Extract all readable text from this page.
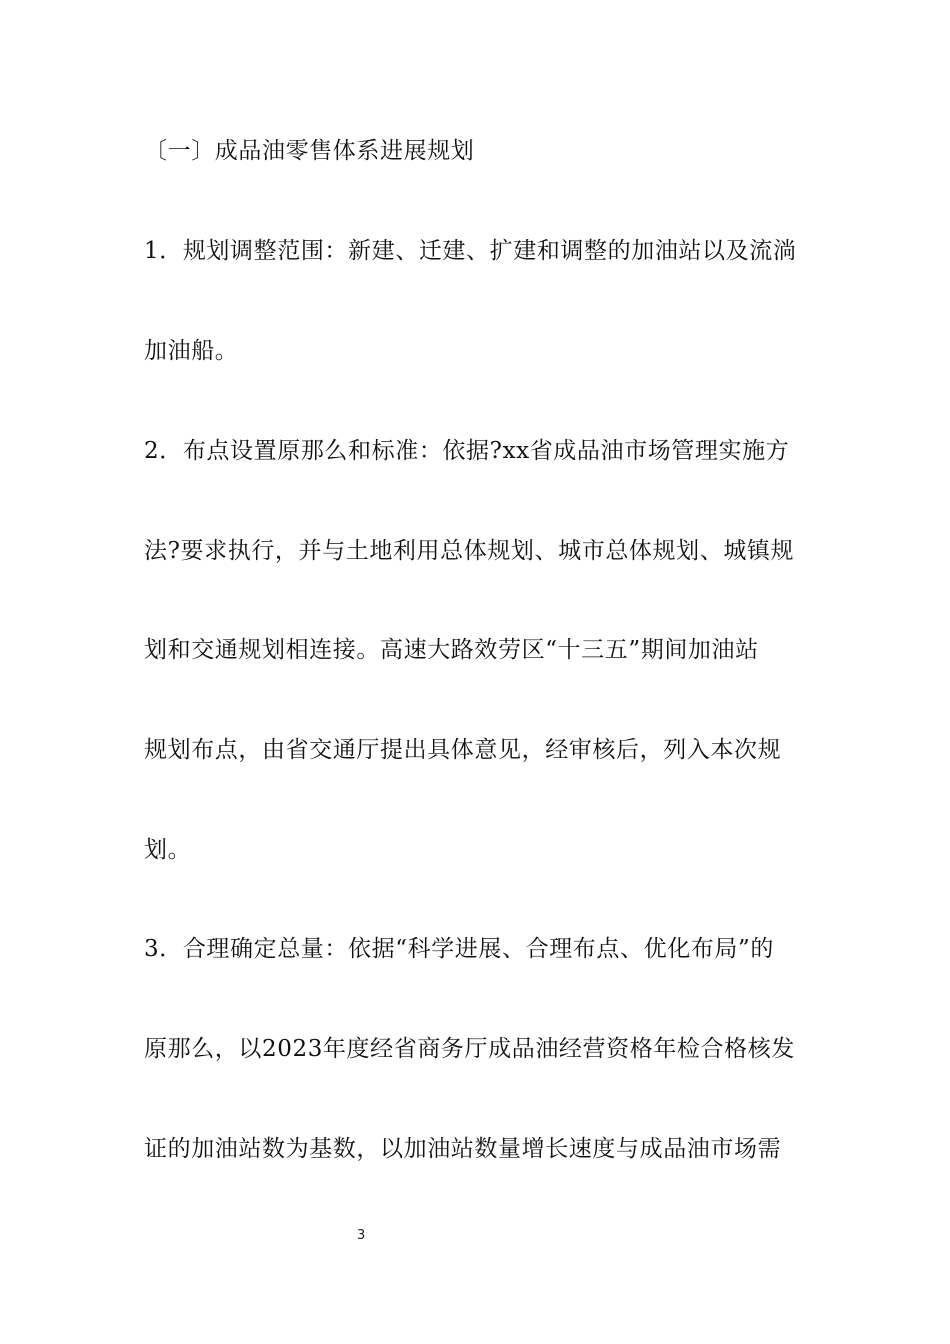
〔一〕成品油零售体系进展规划
1．规划调整范围：新建、迁建、扩建和调整的加油站以及流淌
加油船。
2．布点设置原那么和标准：依据?xx省成品油市场管理实施方
法?要求执行，并与土地利用总体规划、城市总体规划、城镇规
划和交通规划相连接。高速大路效劳区“十三五”期间加油站
规划布点，由省交通厅提出具体意见，经审核后，列入本次规
划。
3．合理确定总量：依据“科学进展、合理布点、优化布局”的
原那么，以2023年度经省商务厅成品油经营资格年检合格核发
证的加油站数为基数，以加油站数量增长速度与成品油市场需
3
